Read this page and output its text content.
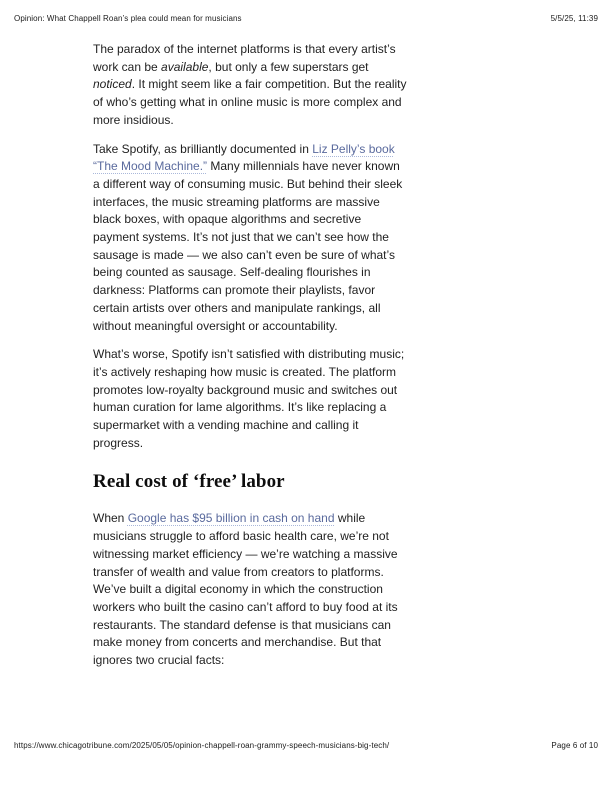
Opinion: What Chappell Roan’s plea could mean for musicians	5/5/25, 11:39

The paradox of the internet platforms is that every artist’s work can be available, but only a few superstars get noticed. It might seem like a fair competition. But the reality of who’s getting what in online music is more complex and more insidious.

Take Spotify, as brilliantly documented in Liz Pelly’s book “The Mood Machine.” Many millennials have never known a different way of consuming music. But behind their sleek interfaces, the music streaming platforms are massive black boxes, with opaque algorithms and secretive payment systems. It’s not just that we can’t see how the sausage is made — we also can’t even be sure of what’s being counted as sausage. Self-dealing flourishes in darkness: Platforms can promote their playlists, favor certain artists over others and manipulate rankings, all without meaningful oversight or accountability.

What’s worse, Spotify isn’t satisfied with distributing music; it’s actively reshaping how music is created. The platform promotes low-royalty background music and switches out human curation for lame algorithms. It’s like replacing a supermarket with a vending machine and calling it progress.

Real cost of ‘free’ labor

When Google has $95 billion in cash on hand while musicians struggle to afford basic health care, we’re not witnessing market efficiency — we’re watching a massive transfer of wealth and value from creators to platforms. We’ve built a digital economy in which the construction workers who built the casino can’t afford to buy food at its restaurants. The standard defense is that musicians can make money from concerts and merchandise. But that ignores two crucial facts:

https://www.chicagotribune.com/2025/05/05/opinion-chappell-roan-grammy-speech-musicians-big-tech/	Page 6 of 10
